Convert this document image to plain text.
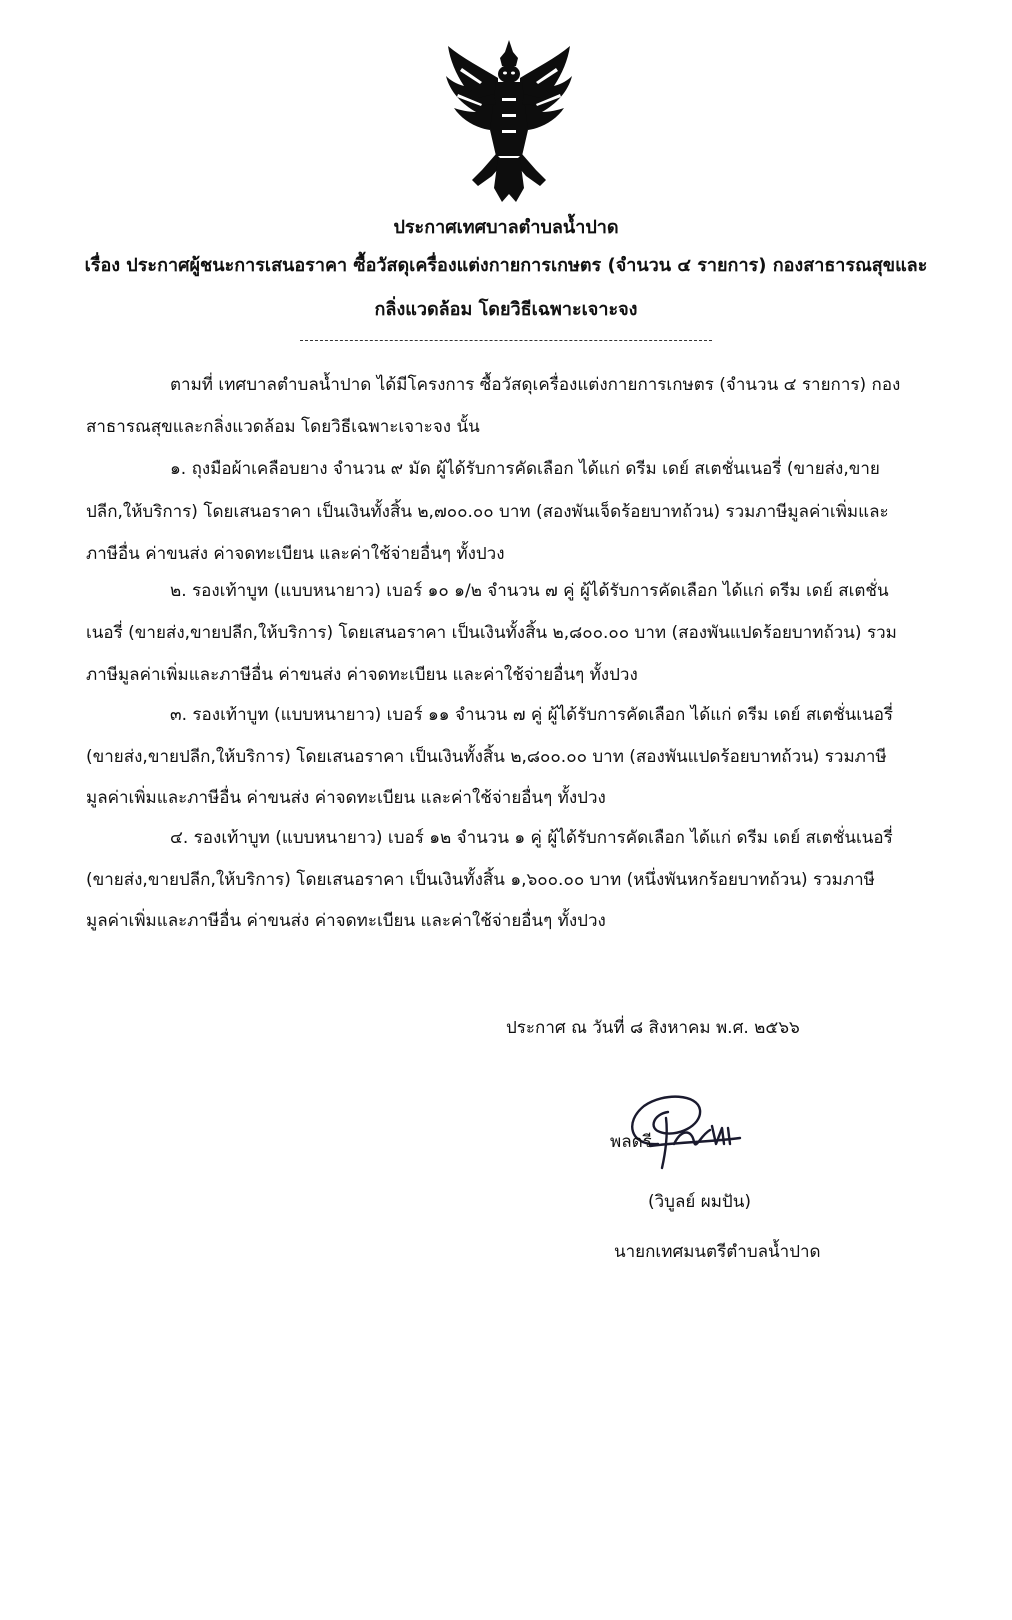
ประกาศเทศบาลตำบลน้ำปาด
เรื่อง ประกาศผู้ชนะการเสนอราคา ซื้อวัสดุเครื่องแต่งกายการเกษตร (จำนวน ๔ รายการ) กองสาธารณสุขและ
กลิ่งแวดล้อม โดยวิธีเฉพาะเจาะจง
ตามที่ เทศบาลตำบลน้ำปาด ได้มีโครงการ ซื้อวัสดุเครื่องแต่งกายการเกษตร (จำนวน ๔ รายการ) กอง
สาธารณสุขและกลิ่งแวดล้อม โดยวิธีเฉพาะเจาะจง นั้น
๑. ถุงมือผ้าเคลือบยาง จำนวน ๙ มัด ผู้ได้รับการคัดเลือก ได้แก่ ดรีม เดย์ สเตชั่นเนอรี่ (ขายส่ง,ขาย
ปลีก,ให้บริการ) โดยเสนอราคา เป็นเงินทั้งสิ้น ๒,๗๐๐.๐๐ บาท (สองพันเจ็ดร้อยบาทถ้วน) รวมภาษีมูลค่าเพิ่มและ
ภาษีอื่น ค่าขนส่ง ค่าจดทะเบียน และค่าใช้จ่ายอื่นๆ ทั้งปวง
๒. รองเท้าบูท (แบบหนายาว) เบอร์ ๑๐ ๑/๒ จำนวน ๗ คู่ ผู้ได้รับการคัดเลือก ได้แก่ ดรีม เดย์ สเตชั่น
เนอรี่ (ขายส่ง,ขายปลีก,ให้บริการ) โดยเสนอราคา เป็นเงินทั้งสิ้น ๒,๘๐๐.๐๐ บาท (สองพันแปดร้อยบาทถ้วน) รวม
ภาษีมูลค่าเพิ่มและภาษีอื่น ค่าขนส่ง ค่าจดทะเบียน และค่าใช้จ่ายอื่นๆ ทั้งปวง
๓. รองเท้าบูท (แบบหนายาว) เบอร์ ๑๑ จำนวน ๗ คู่ ผู้ได้รับการคัดเลือก ได้แก่ ดรีม เดย์ สเตชั่นเนอรี่
(ขายส่ง,ขายปลีก,ให้บริการ) โดยเสนอราคา เป็นเงินทั้งสิ้น ๒,๘๐๐.๐๐ บาท (สองพันแปดร้อยบาทถ้วน) รวมภาษี
มูลค่าเพิ่มและภาษีอื่น ค่าขนส่ง ค่าจดทะเบียน และค่าใช้จ่ายอื่นๆ ทั้งปวง
๔. รองเท้าบูท (แบบหนายาว) เบอร์ ๑๒ จำนวน ๑ คู่ ผู้ได้รับการคัดเลือก ได้แก่ ดรีม เดย์ สเตชั่นเนอรี่
(ขายส่ง,ขายปลีก,ให้บริการ) โดยเสนอราคา เป็นเงินทั้งสิ้น ๑,๖๐๐.๐๐ บาท (หนึ่งพันหกร้อยบาทถ้วน) รวมภาษี
มูลค่าเพิ่มและภาษีอื่น ค่าขนส่ง ค่าจดทะเบียน และค่าใช้จ่ายอื่นๆ ทั้งปวง
ประกาศ ณ วันที่ ๘ สิงหาคม พ.ศ. ๒๕๖๖
พลตรี
(วิบูลย์ ผมปัน)
นายกเทศมนตรีตำบลน้ำปาด
